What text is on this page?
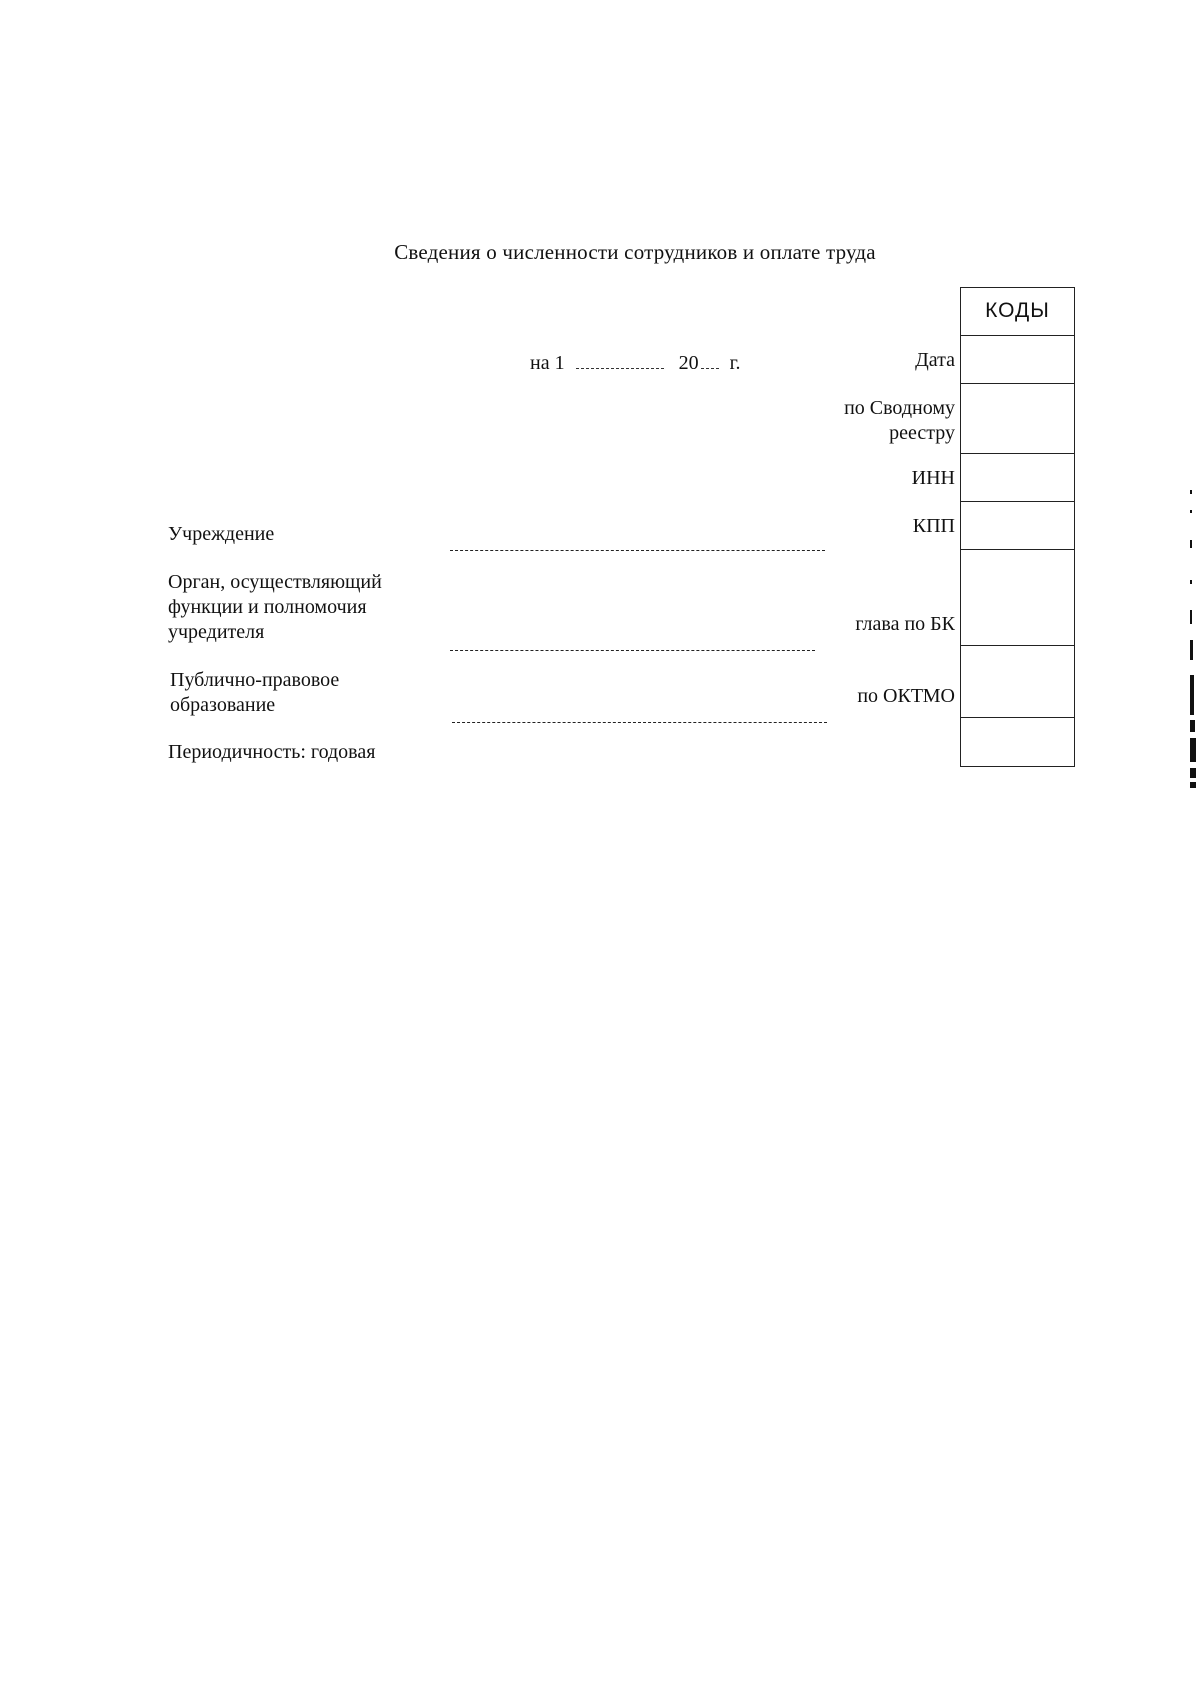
Сведения о численности сотрудников и оплате труда
на 1	20 г.	Дата
по Сводному реестру
ИНН
КПП
глава по БК
по ОКТМО
КОДЫ
Учреждение
Орган, осуществляющий функции и полномочия учредителя
Публично-правовое образование
Периодичность: годовая
